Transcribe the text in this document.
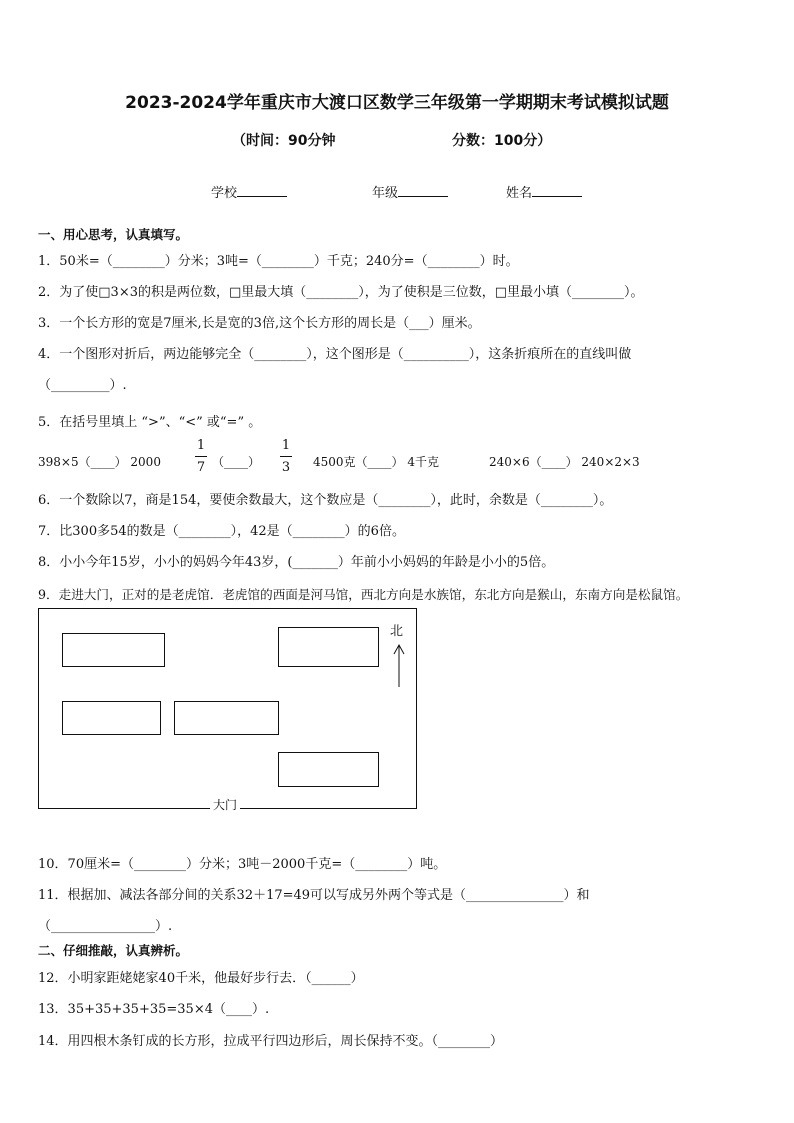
2023-2024学年重庆市大渡口区数学三年级第一学期期末考试模拟试题
（时间：90分钟	分数：100分）
学校	年级	姓名
一、用心思考，认真填写。
1．50米=（________）分米；3吨=（________）千克；240分=（________）时。
2．为了使□3×3的积是两位数，□里最大填（________），为了使积是三位数，□里最小填（________）。
3．一个长方形的宽是7厘米,长是宽的3倍,这个长方形的周长是（___）厘米。
4．一个图形对折后，两边能够完全（________），这个图形是（__________），这条折痕所在的直线叫做
（_________）.
5．在括号里填上 “>”、“<” 或“=” 。
398×5（____） 2000
1
7 （____）
1
3 4500克（____） 4千克	240×6（____） 240×2×3
6．一个数除以7，商是154，要使余数最大，这个数应是（________），此时，余数是（________）。
7．比300多54的数是（________），42是（________）的6倍。
8．小小今年15岁，小小的妈妈今年43岁，(_______）年前小小妈妈的年龄是小小的5倍。
9．走进大门，正对的是老虎馆．老虎馆的西面是河马馆，西北方向是水族馆，东北方向是猴山，东南方向是松鼠馆。
北
大门
10．70厘米=（________）分米；3吨－2000千克=（________）吨。
11．根据加、减法各部分间的关系32＋17=49可以写成另外两个等式是（_______________）和
（________________）.
二、仔细推敲，认真辨析。
12．小明家距姥姥家40千米，他最好步行去．（______）
13．35+35+35+35=35×4（____）.
14．用四根木条钉成的长方形，拉成平行四边形后，周长保持不变。（________）
